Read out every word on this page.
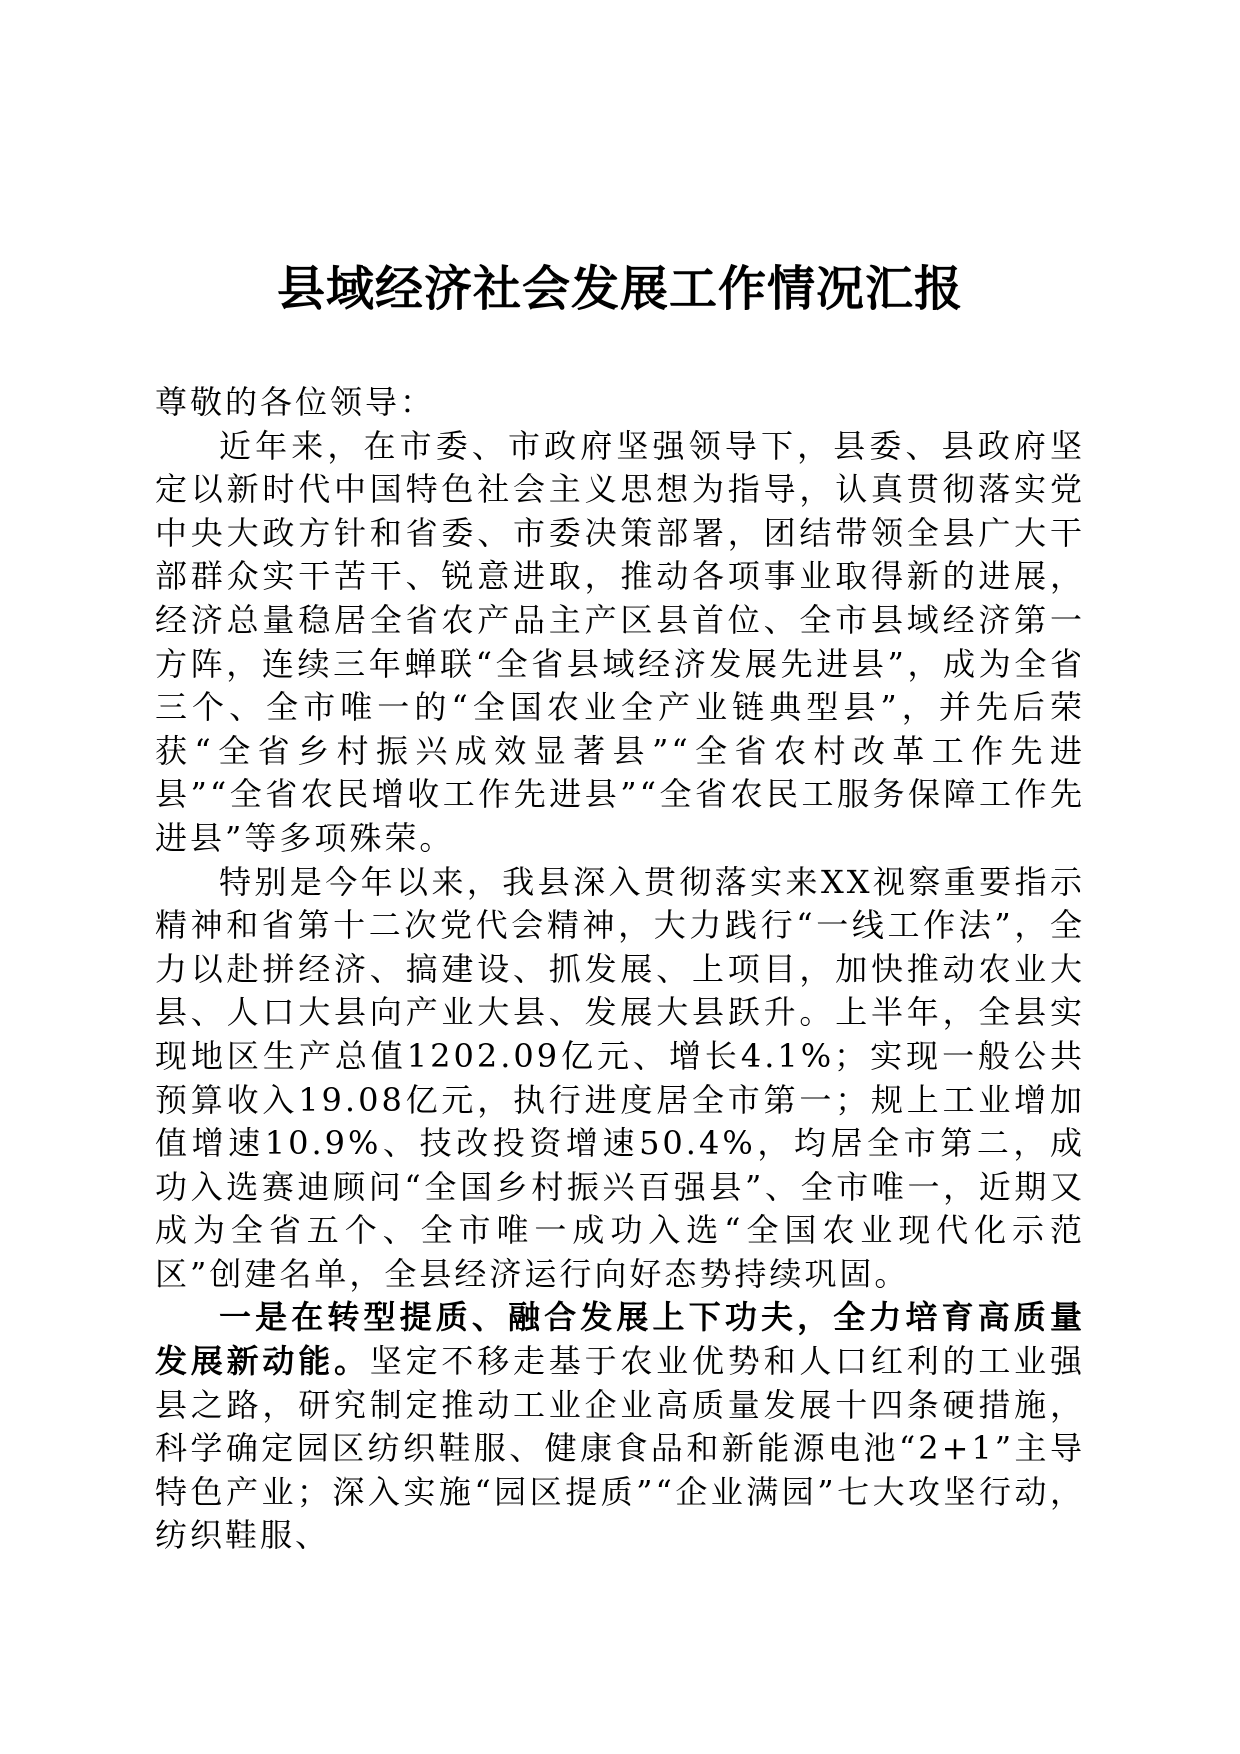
县域经济社会发展工作情况汇报

尊敬的各位领导：

近年来，在市委、市政府坚强领导下，县委、县政府坚定以新时代中国特色社会主义思想为指导，认真贯彻落实党中央大政方针和省委、市委决策部署，团结带领全县广大干部群众实干苦干、锐意进取，推动各项事业取得新的进展，经济总量稳居全省农产品主产区县首位、全市县域经济第一方阵，连续三年蝉联“全省县域经济发展先进县”，成为全省三个、全市唯一的“全国农业全产业链典型县”，并先后荣获“全省乡村振兴成效显著县”“全省农村改革工作先进县”“全省农民增收工作先进县”“全省农民工服务保障工作先进县”等多项殊荣。

特别是今年以来，我县深入贯彻落实来XX视察重要指示精神和省第十二次党代会精神，大力践行“一线工作法”，全力以赴拼经济、搞建设、抓发展、上项目，加快推动农业大县、人口大县向产业大县、发展大县跃升。上半年，全县实现地区生产总值1202.09亿元、增长4.1%；实现一般公共预算收入19.08亿元，执行进度居全市第一；规上工业增加值增速10.9%、技改投资增速50.4%，均居全市第二，成功入选赛迪顾问“全国乡村振兴百强县”、全市唯一，近期又成为全省五个、全市唯一成功入选“全国农业现代化示范区”创建名单，全县经济运行向好态势持续巩固。

一是在转型提质、融合发展上下功夫，全力培育高质量发展新动能。坚定不移走基于农业优势和人口红利的工业强县之路，研究制定推动工业企业高质量发展十四条硬措施，科学确定园区纺织鞋服、健康食品和新能源电池“2+1”主导特色产业；深入实施“园区提质”“企业满园”七大攻坚行动，纺织鞋服、
